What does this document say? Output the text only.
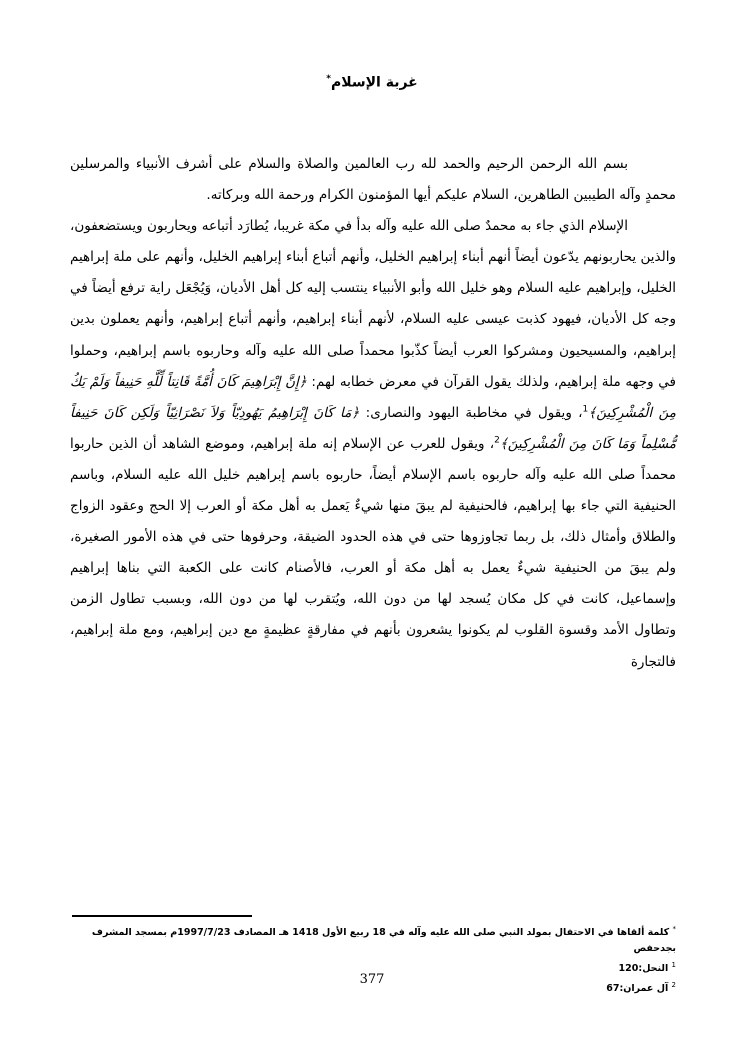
غربة الإسلام*

بسم الله الرحمن الرحيم والحمد لله رب العالمين والصلاة والسلام على أشرف الأنبياء والمرسلين محمدٍ وآله الطيبين الطاهرين، السلام عليكم أيها المؤمنون الكرام ورحمة الله وبركاته.

الإسلام الذي جاء به محمدٌ صلى الله عليه وآله بدأ في مكة غريبا، يُطارَد أتباعه ويحاربون ويستضعفون، والذين يحاربونهم يدّعون أيضاً أنهم أبناء إبراهيم الخليل، وأنهم أتباع أبناء إبراهيم الخليل، وأنهم على ملة إبراهيم الخليل، وإبراهيم عليه السلام وهو خليل الله وأبو الأنبياء ينتسب إليه كل أهل الأديان، وَيُجْعَل راية ترفع أيضاً في وجه كل الأديان، فيهود كذبت عيسى عليه السلام، لأنهم أبناء إبراهيم، وأنهم أتباع إبراهيم، وأنهم يعملون بدين إبراهيم، والمسيحيون ومشركوا العرب أيضاً كذّبوا محمداً صلى الله عليه وآله وحاربوه باسم إبراهيم، وحملوا في وجهه ملة إبراهيم، ولذلك يقول القرآن في معرض خطابه لهم: ﴿إِنَّ إِبْرَاهِيمَ كَانَ أُمَّةً قَانِتاً لِّلَّهِ حَنِيفاً وَلَمْ يَكُ مِنَ الْمُشْرِكِينَ﴾$^1$، ويقول في مخاطبة اليهود والنصارى: ﴿مَا كَانَ إِبْرَاهِيمُ يَهُودِيّاً وَلاَ نَصْرَانِيّاً وَلَكِن كَانَ حَنِيفاً مُّسْلِماً وَمَا كَانَ مِنَ الْمُشْرِكِينَ﴾$^2$، ويقول للعرب عن الإسلام إنه ملة إبراهيم، وموضع الشاهد أن الذين حاربوا محمداً صلى الله عليه وآله حاربوه باسم الإسلام أيضاً، حاربوه باسم إبراهيم خليل الله عليه السلام، وباسم الحنيفية التي جاء بها إبراهيم، فالحنيفية لم يبقَ منها شيءٌ يَعمل به أهل مكة أو العرب إلا الحج وعقود الزواج والطلاق وأمثال ذلك، بل ربما تجاوزوها حتى في هذه الحدود الضيقة، وحرفوها حتى في هذه الأمور الصغيرة، ولم يبقَ من الحنيفية شيءٌ يعمل به أهل مكة أو العرب، فالأصنام كانت على الكعبة التي بناها إبراهيم وإسماعيل، كانت في كل مكان يُسجد لها من دون الله، ويُتقرب لها من دون الله، وبسبب تطاول الزمن وتطاول الأمد وقسوة القلوب لم يكونوا يشعرون بأنهم في مفارقةٍ عظيمةٍ مع دين إبراهيم، ومع ملة إبراهيم، فالتجارة

* كلمة ألقاها في الاحتفال بمولد النبي صلى الله عليه وآله في 18 ربيع الأول 1418 هـ المصادف 1997/7/23م بمسجد المشرف بجدحفص

$^1$ النحل:120

$^2$ آل عمران:67

377
